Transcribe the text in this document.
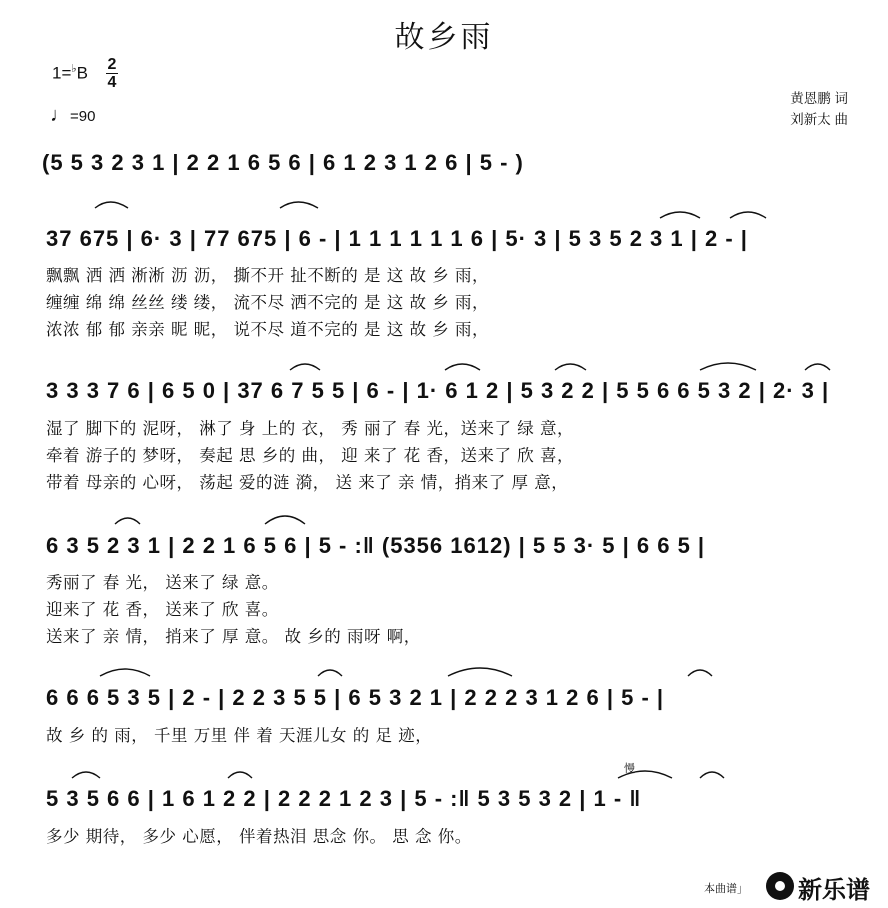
故乡雨
$1=^♭B \frac{2}{4}$
♩=90
黄恩鹏 词
刘新太 曲
(5 5 3 2 3 1 | 2 2 1 6 5 6 | 6 1 2 3 1 2 6 | 5 - )
37 675 | 6· 3 | 77 675 | 6 - | 1 1 1 1 1 1 6 | 5· 3 | 5 3 5 2 3 1 | 2 - |
飘飘 洒 洒 淅淅 沥 沥， 撕不开 扯不断的 是 这 故 乡 雨，
缠缠 绵 绵 丝丝 缕 缕， 流不尽 洒不完的 是 这 故 乡 雨，
浓浓 郁 郁 亲亲 昵 昵， 说不尽 道不完的 是 这 故 乡 雨，
3 3 3 7 6 | 6 5 0 | 37 6 7 5 5 | 6 - | 1· 6 1 2 | 5 3 2 2 | 5 5 6 6 5 3 2 | 2· 3 |
湿了 脚下的 泥呀， 淋了 身 上的 衣， 秀 丽了 春 光，送来了 绿 意，
牵着 游子的 梦呀， 奏起 思 乡的 曲， 迎 来了 花 香，送来了 欣 喜，
带着 母亲的 心呀， 荡起 爱的涟 漪， 送 来了 亲 情，捎来了 厚 意，
6 3 5 2 3 1 | 2 2 1 6 5 6 | 5 - :‖ (5356 1612) | 5 5 3· 5 | 6 6 5 |
秀丽了 春 光， 送来了 绿 意。
迎来了 花 香， 送来了 欣 喜。
送来了 亲 情， 捎来了 厚 意。 故 乡的 雨呀 啊，
6 6 6 5 3 5 | 2 - | 2 2 3 5 5 | 6 5 3 2 1 | 2 2 2 3 1 2 6 | 5 - |
故 乡 的 雨， 千里 万里 伴 着 天涯儿女 的 足 迹，
慢
5 3 5 6 6 | 1 6 1 2 2 | 2 2 2 1 2 3 | 5 - :‖ 5 3 5 3 2 | 1 - ‖
多少 期待， 多少 心愿， 伴着热泪 思念 你。 思 念 你。
本曲谱」 新乐谱
